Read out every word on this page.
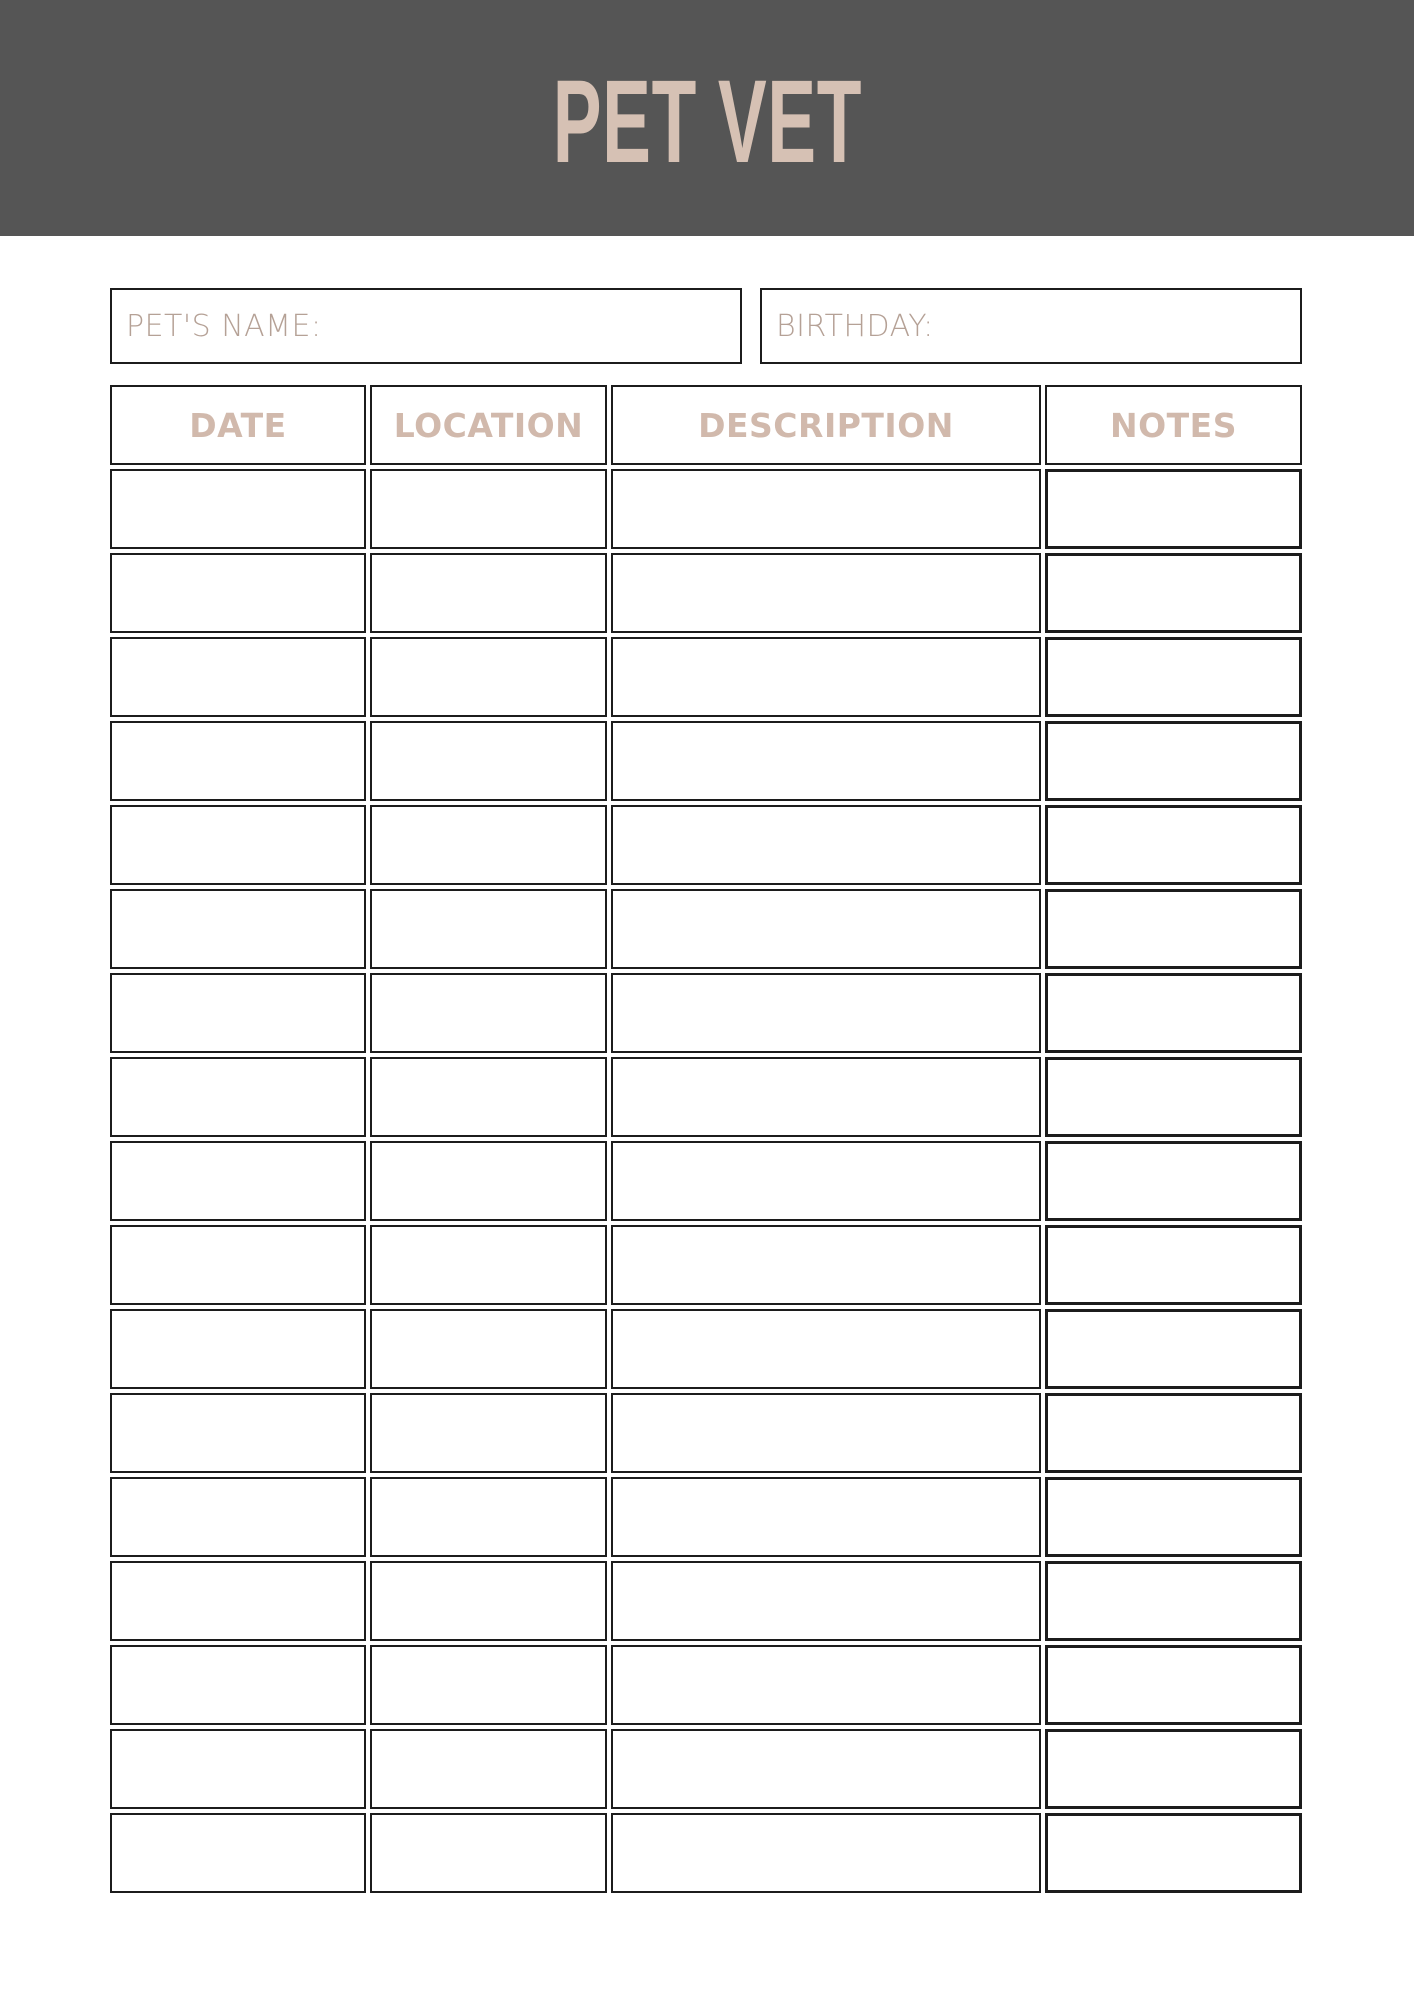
PET VET
PET'S NAME:	BIRTHDAY:
DATE	LOCATION	DESCRIPTION	NOTES
